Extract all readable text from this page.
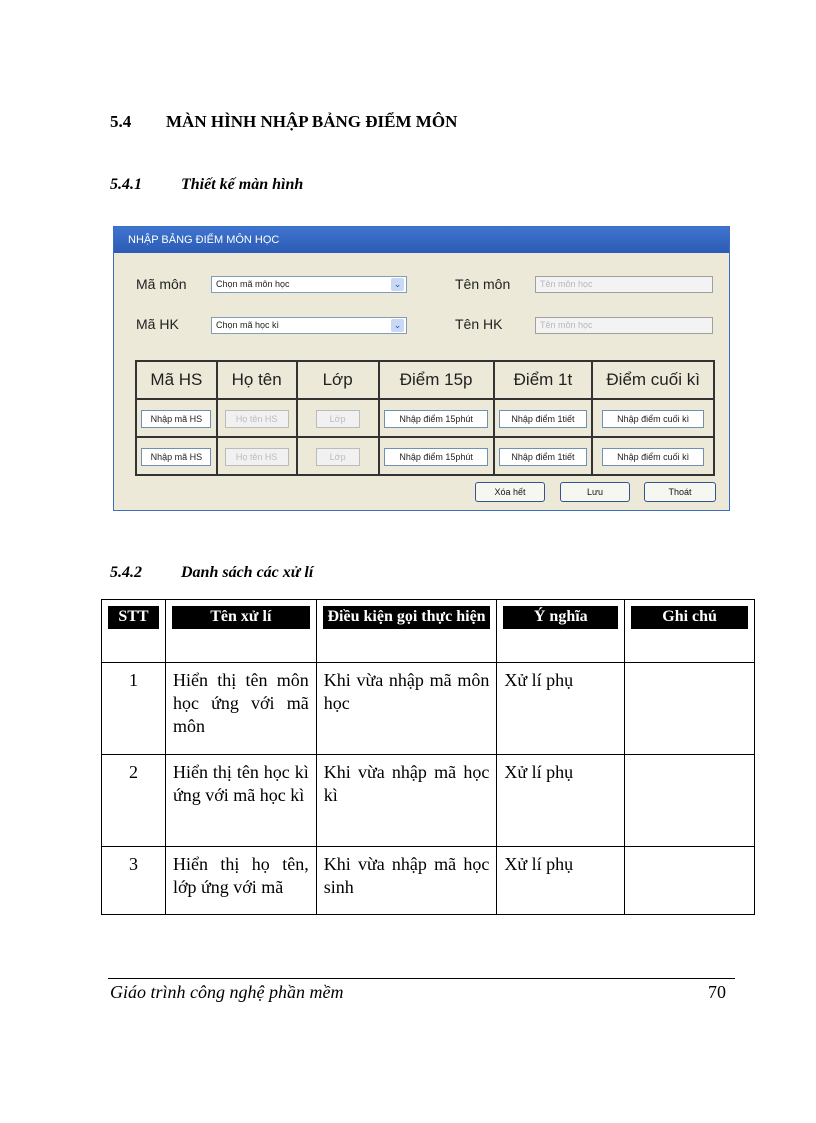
5.4 MÀN HÌNH NHẬP BẢNG ĐIỂM MÔN
5.4.1 Thiết kế màn hình
NHẬP BẢNG ĐIỂM MÔN HỌC
Mã môn	Chọn mã môn học	⌄	Tên môn	Tên môn học
Mã HK	Chọn mã học kì	⌄	Tên HK	Tên môn học
Mã HS	Họ tên	Lớp	Điểm 15p	Điểm 1t	Điểm cuối kì
Nhập mã HS	Họ tên HS	Lớp	Nhập điểm 15phút	Nhập điểm 1tiết	Nhập điểm cuối kì
Nhập mã HS	Họ tên HS	Lớp	Nhập điểm 15phút	Nhập điểm 1tiết	Nhập điểm cuối kì
Xóa hết	Lưu	Thoát
5.4.2 Danh sách các xử lí
STT	Tên xử lí	Điều kiện gọi thực hiện	Ý nghĩa	Ghi chú

1	Hiển thị tên môn học ứng với mã môn	Khi vừa nhập mã môn học	Xử lí phụ	
2	Hiển thị tên học kì ứng với mã học kì	Khi vừa nhập mã học kì	Xử lí phụ	
3	Hiển thị họ tên, lớp ứng với mã	Khi vừa nhập mã học sinh	Xử lí phụ	
Giáo trình công nghệ phần mềm	70
